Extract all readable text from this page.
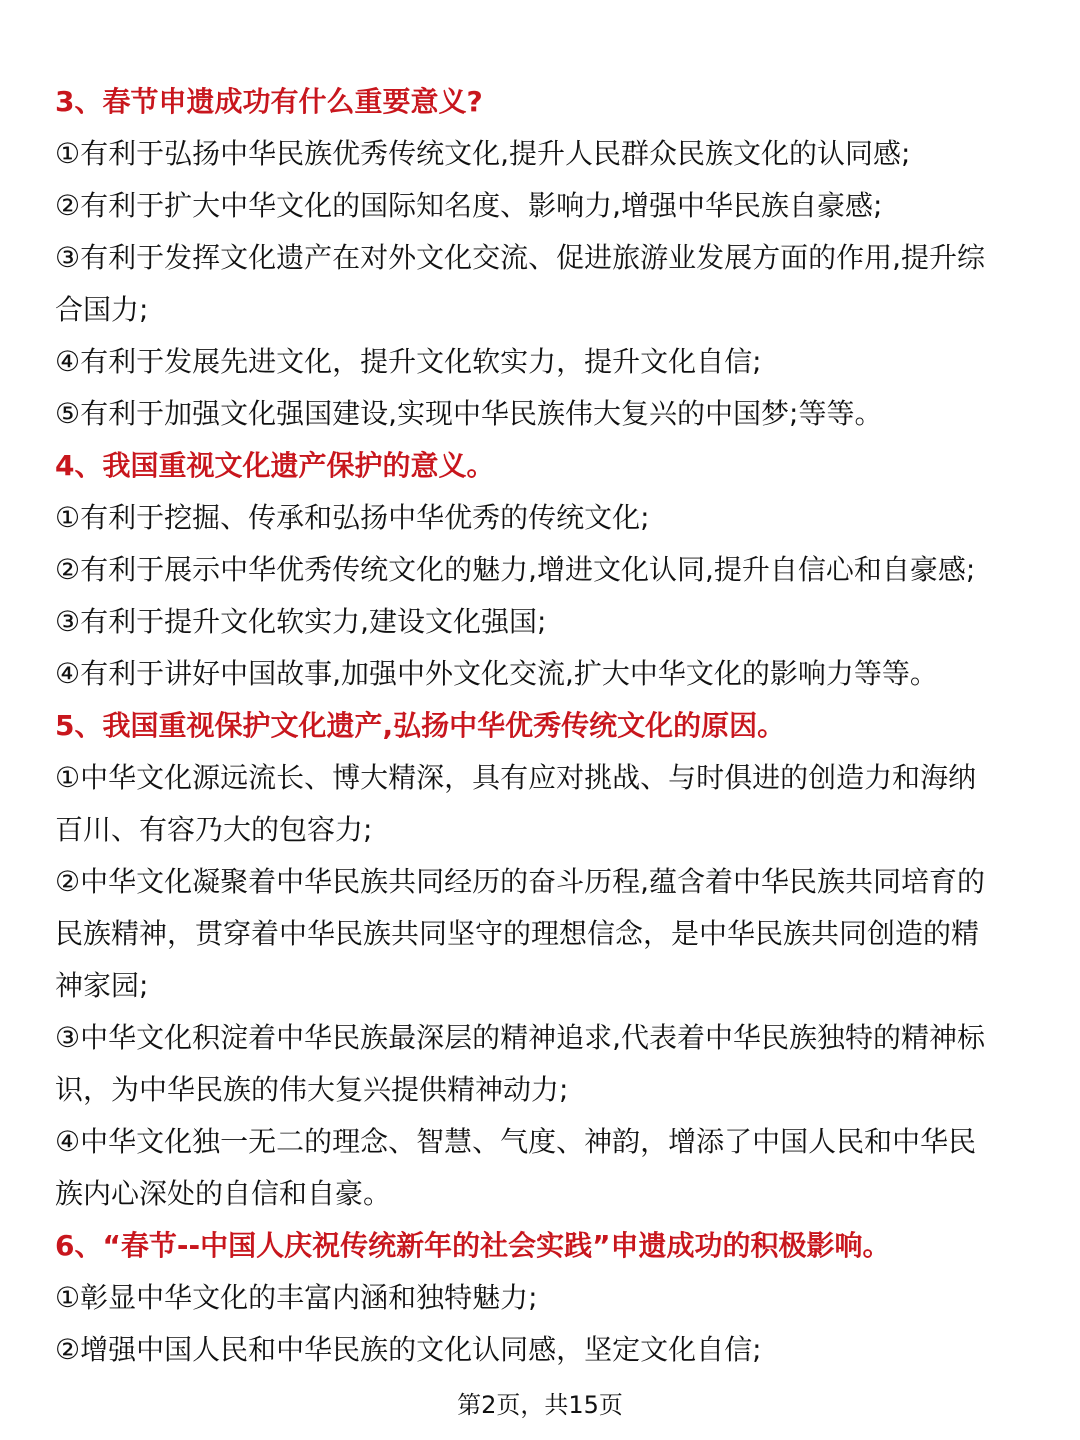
3、春节申遗成功有什么重要意义?
①有利于弘扬中华民族优秀传统文化,提升人民群众民族文化的认同感;
②有利于扩大中华文化的国际知名度、影响力,增强中华民族自豪感;
③有利于发挥文化遗产在对外文化交流、促进旅游业发展方面的作用,提升综
合国力;
④有利于发展先进文化，提升文化软实力，提升文化自信;
⑤有利于加强文化强国建设,实现中华民族伟大复兴的中国梦;等等。
4、我国重视文化遗产保护的意义。
①有利于挖掘、传承和弘扬中华优秀的传统文化;
②有利于展示中华优秀传统文化的魅力,增进文化认同,提升自信心和自豪感;
③有利于提升文化软实力,建设文化强国;
④有利于讲好中国故事,加强中外文化交流,扩大中华文化的影响力等等。
5、我国重视保护文化遗产,弘扬中华优秀传统文化的原因。
①中华文化源远流长、博大精深，具有应对挑战、与时俱进的创造力和海纳
百川、有容乃大的包容力;
②中华文化凝聚着中华民族共同经历的奋斗历程,蕴含着中华民族共同培育的
民族精神，贯穿着中华民族共同坚守的理想信念，是中华民族共同创造的精
神家园;
③中华文化积淀着中华民族最深层的精神追求,代表着中华民族独特的精神标
识，为中华民族的伟大复兴提供精神动力;
④中华文化独一无二的理念、智慧、气度、神韵，增添了中国人民和中华民
族内心深处的自信和自豪。
6、“春节--中国人庆祝传统新年的社会实践”申遗成功的积极影响。
①彰显中华文化的丰富内涵和独特魅力;
②增强中国人民和中华民族的文化认同感，坚定文化自信;
第2页，共15页
